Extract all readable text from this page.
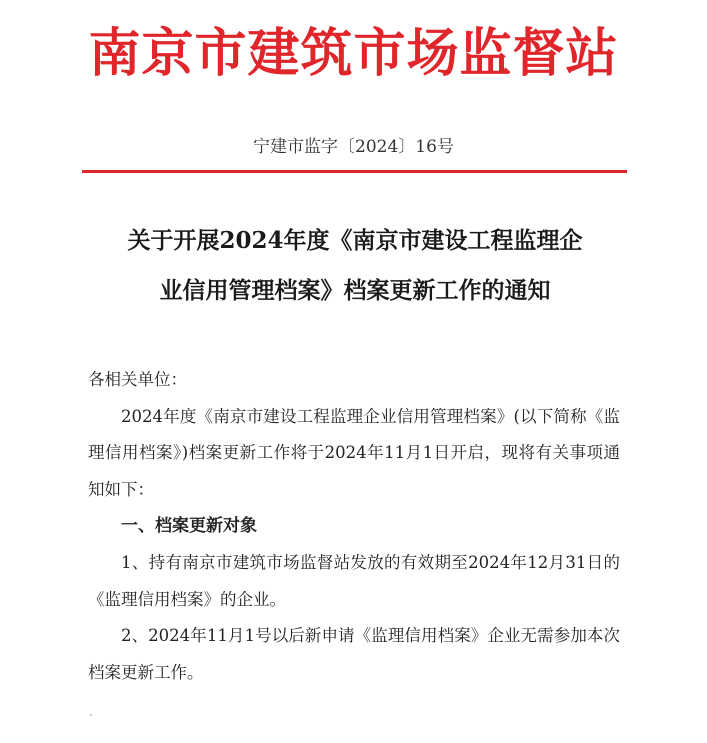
南京市建筑市场监督站
宁建市监字〔2024〕16号
关于开展2024年度《南京市建设工程监理企
业信用管理档案》档案更新工作的通知

各相关单位：

2024年度《南京市建设工程监理企业信用管理档案》(以下简称《监理信用档案》)档案更新工作将于2024年11月1日开启，现将有关事项通知如下：

一、档案更新对象

1、持有南京市建筑市场监督站发放的有效期至2024年12月31日的《监理信用档案》的企业。

2、2024年11月1号以后新申请《监理信用档案》企业无需参加本次档案更新工作。
